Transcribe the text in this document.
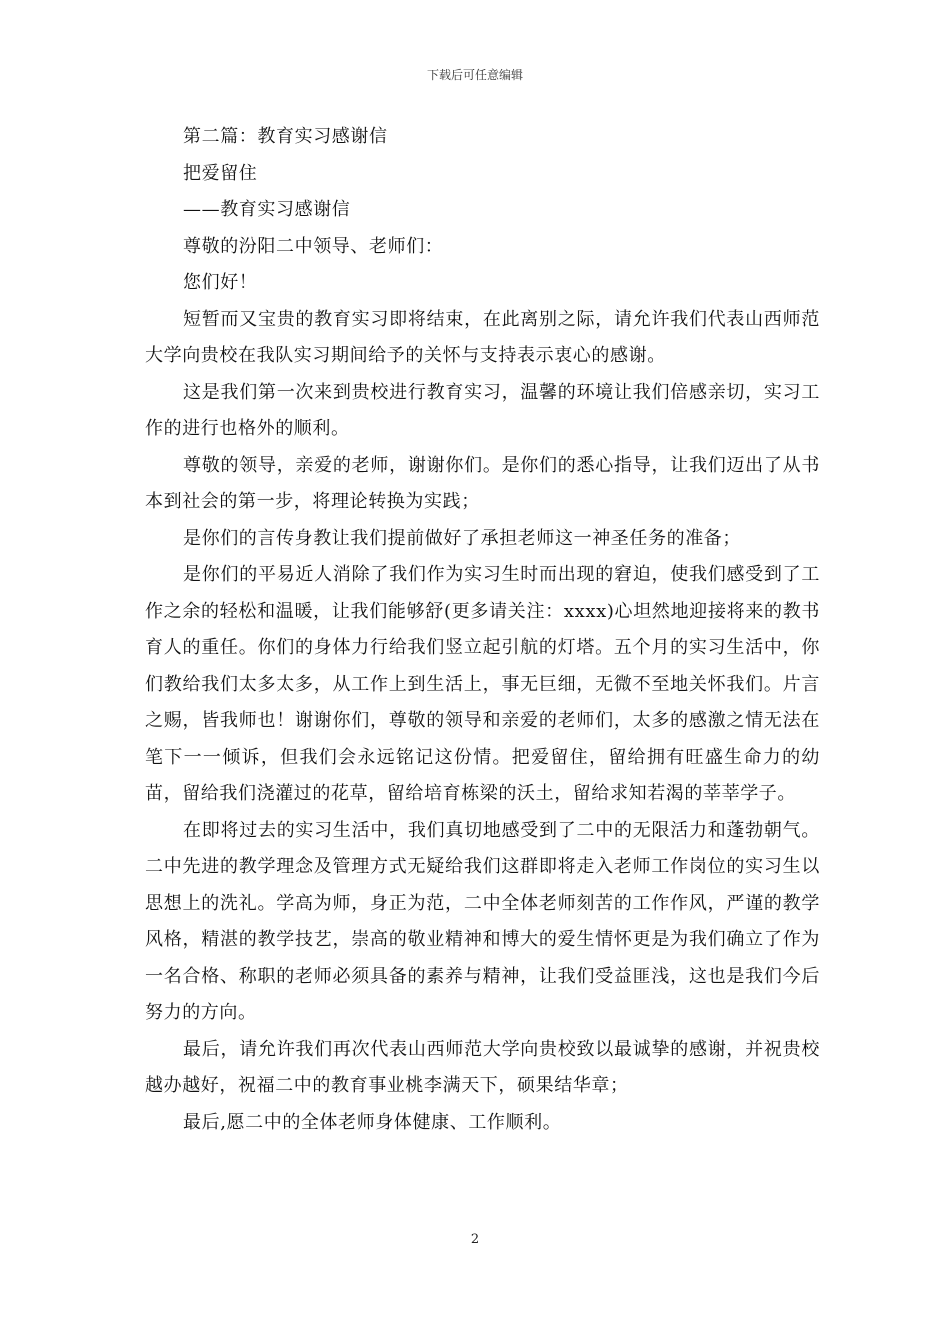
下载后可任意编辑

第二篇：教育实习感谢信

把爱留住

——教育实习感谢信

尊敬的汾阳二中领导、老师们：

您们好！

短暂而又宝贵的教育实习即将结束，在此离别之际，请允许我们代表山西师范大学向贵校在我队实习期间给予的关怀与支持表示衷心的感谢。

这是我们第一次来到贵校进行教育实习，温馨的环境让我们倍感亲切，实习工作的进行也格外的顺利。

尊敬的领导，亲爱的老师，谢谢你们。是你们的悉心指导，让我们迈出了从书本到社会的第一步，将理论转换为实践；

是你们的言传身教让我们提前做好了承担老师这一神圣任务的准备；

是你们的平易近人消除了我们作为实习生时而出现的窘迫，使我们感受到了工作之余的轻松和温暖，让我们能够舒(更多请关注：xxxx)心坦然地迎接将来的教书育人的重任。你们的身体力行给我们竖立起引航的灯塔。五个月的实习生活中，你们教给我们太多太多，从工作上到生活上，事无巨细，无微不至地关怀我们。片言之赐，皆我师也！谢谢你们，尊敬的领导和亲爱的老师们，太多的感激之情无法在笔下一一倾诉，但我们会永远铭记这份情。把爱留住，留给拥有旺盛生命力的幼苗，留给我们浇灌过的花草，留给培育栋梁的沃土，留给求知若渴的莘莘学子。

在即将过去的实习生活中，我们真切地感受到了二中的无限活力和蓬勃朝气。二中先进的教学理念及管理方式无疑给我们这群即将走入老师工作岗位的实习生以思想上的洗礼。学高为师，身正为范，二中全体老师刻苦的工作作风，严谨的教学风格，精湛的教学技艺，崇高的敬业精神和博大的爱生情怀更是为我们确立了作为一名合格、称职的老师必须具备的素养与精神，让我们受益匪浅，这也是我们今后努力的方向。

最后，请允许我们再次代表山西师范大学向贵校致以最诚挚的感谢，并祝贵校越办越好，祝福二中的教育事业桃李满天下，硕果结华章；

最后,愿二中的全体老师身体健康、工作顺利。

2
